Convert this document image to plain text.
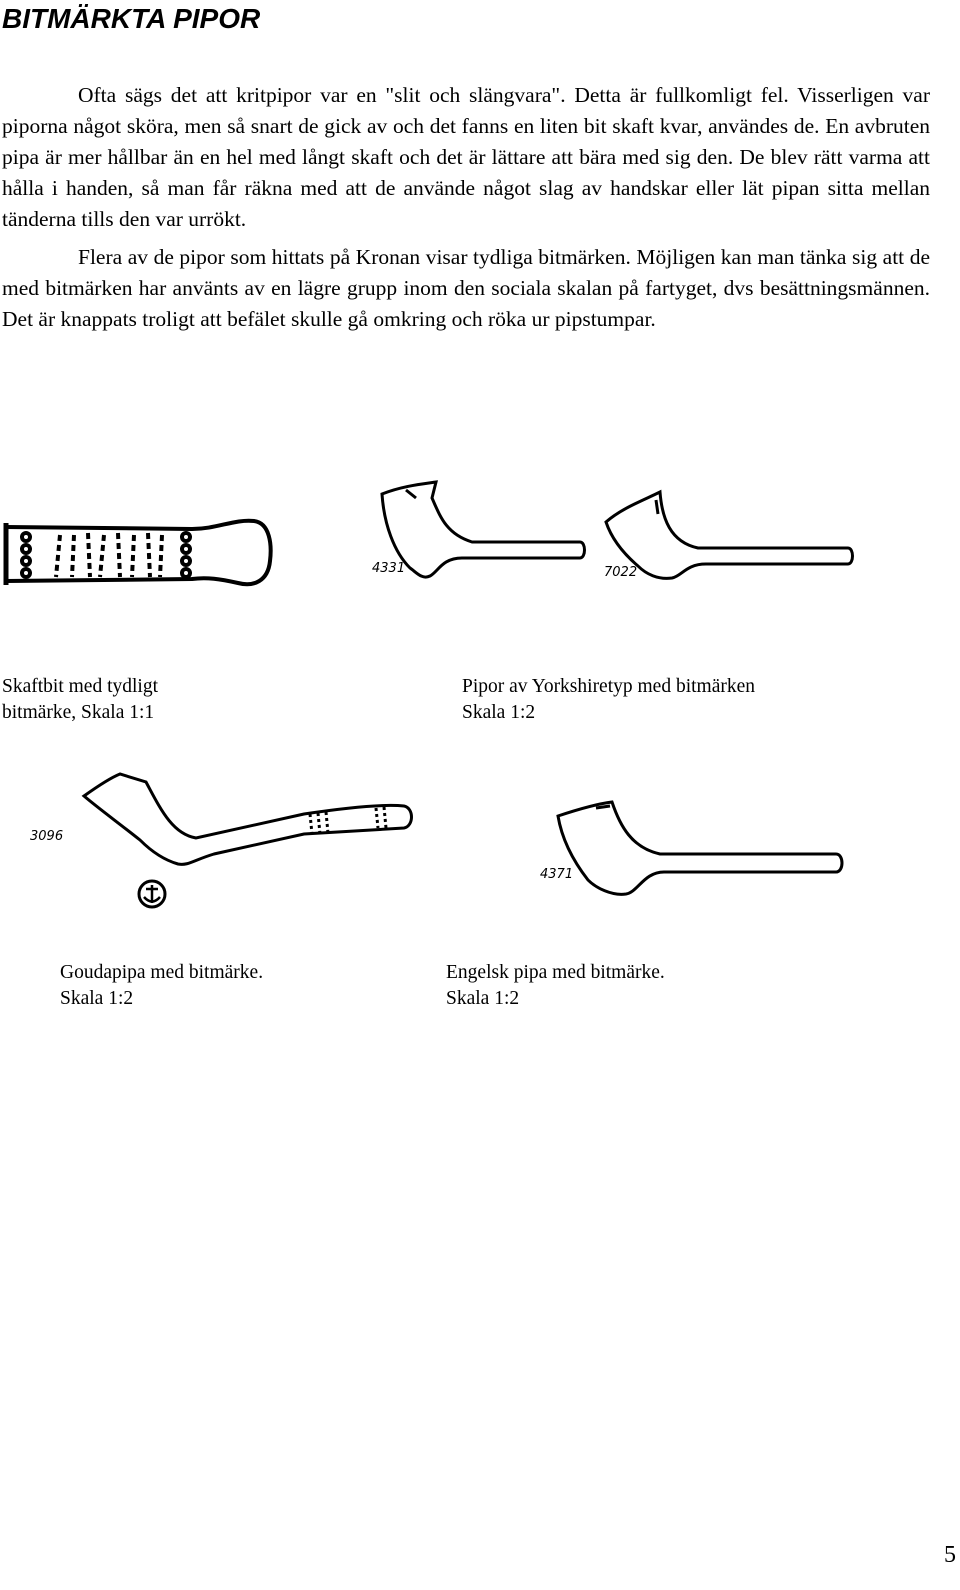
BITMÄRKTA PIPOR

Ofta sägs det att kritpipor var en "slit och slängvara". Detta är fullkomligt fel. Visserligen var piporna något sköra, men så snart de gick av och det fanns en liten bit skaft kvar, användes de. En avbruten pipa är mer hållbar än en hel med långt skaft och det är lättare att bära med sig den. De blev rätt varma att hålla i handen, så man får räkna med att de använde något slag av handskar eller lät pipan sitta mellan tänderna tills den var urrökt.

Flera av de pipor som hittats på Kronan visar tydliga bitmärken. Möjligen kan man tänka sig att de med bitmärken har använts av en lägre grupp inom den sociala skalan på fartyget, dvs besättningsmännen. Det är knappats troligt att befälet skulle gå omkring och röka ur pipstumpar.

4331	7022
Skaftbit med tydligt
bitmärke, Skala 1:1
Pipor av Yorkshiretyp med bitmärken
Skala 1:2
3096
4371
Goudapipa med bitmärke.
Skala 1:2
Engelsk pipa med bitmärke.
Skala 1:2
5
